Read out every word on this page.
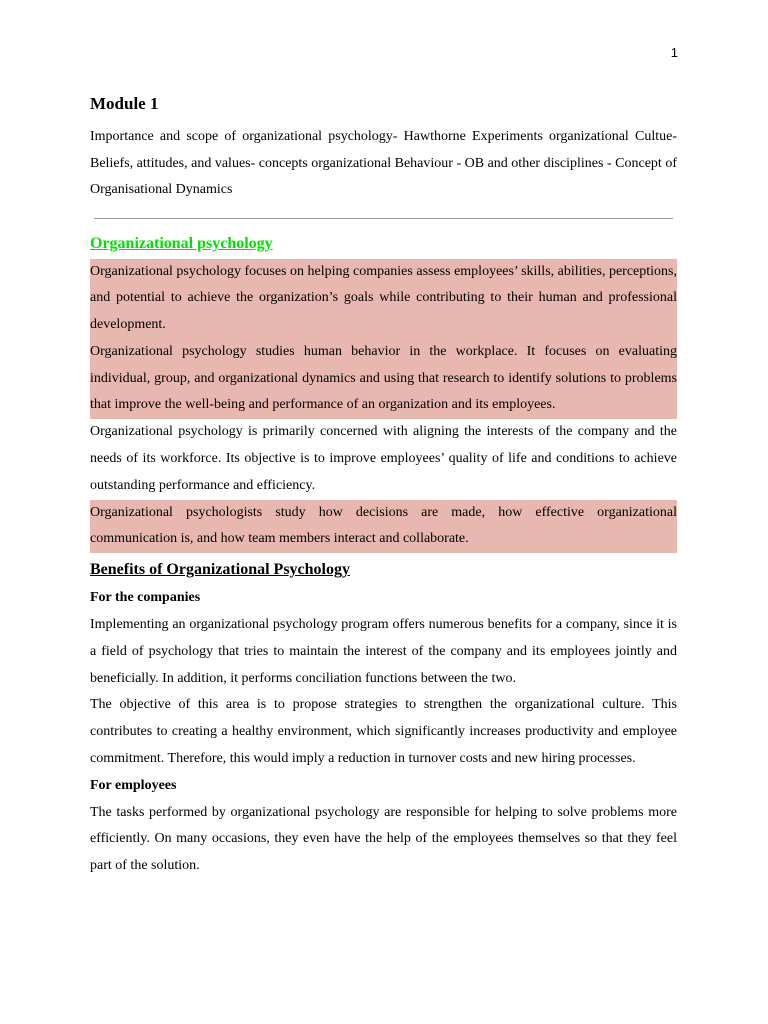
1
Module 1

Importance and scope of organizational psychology- Hawthorne Experiments organizational Cultue- Beliefs, attitudes, and values- concepts organizational Behaviour - OB and other disciplines - Concept of Organisational Dynamics

Organizational psychology

Organizational psychology focuses on helping companies assess employees’ skills, abilities, perceptions, and potential to achieve the organization’s goals while contributing to their human and professional development.

Organizational psychology studies human behavior in the workplace. It focuses on evaluating individual, group, and organizational dynamics and using that research to identify solutions to problems that improve the well-being and performance of an organization and its employees.

Organizational psychology is primarily concerned with aligning the interests of the company and the needs of its workforce. Its objective is to improve employees’ quality of life and conditions to achieve outstanding performance and efficiency.

Organizational psychologists study how decisions are made, how effective organizational communication is, and how team members interact and collaborate.

Benefits of Organizational Psychology
For the companies

Implementing an organizational psychology program offers numerous benefits for a company, since it is a field of psychology that tries to maintain the interest of the company and its employees jointly and beneficially. In addition, it performs conciliation functions between the two.

The objective of this area is to propose strategies to strengthen the organizational culture. This contributes to creating a healthy environment, which significantly increases productivity and employee commitment. Therefore, this would imply a reduction in turnover costs and new hiring processes.

For employees

The tasks performed by organizational psychology are responsible for helping to solve problems more efficiently. On many occasions, they even have the help of the employees themselves so that they feel part of the solution.
